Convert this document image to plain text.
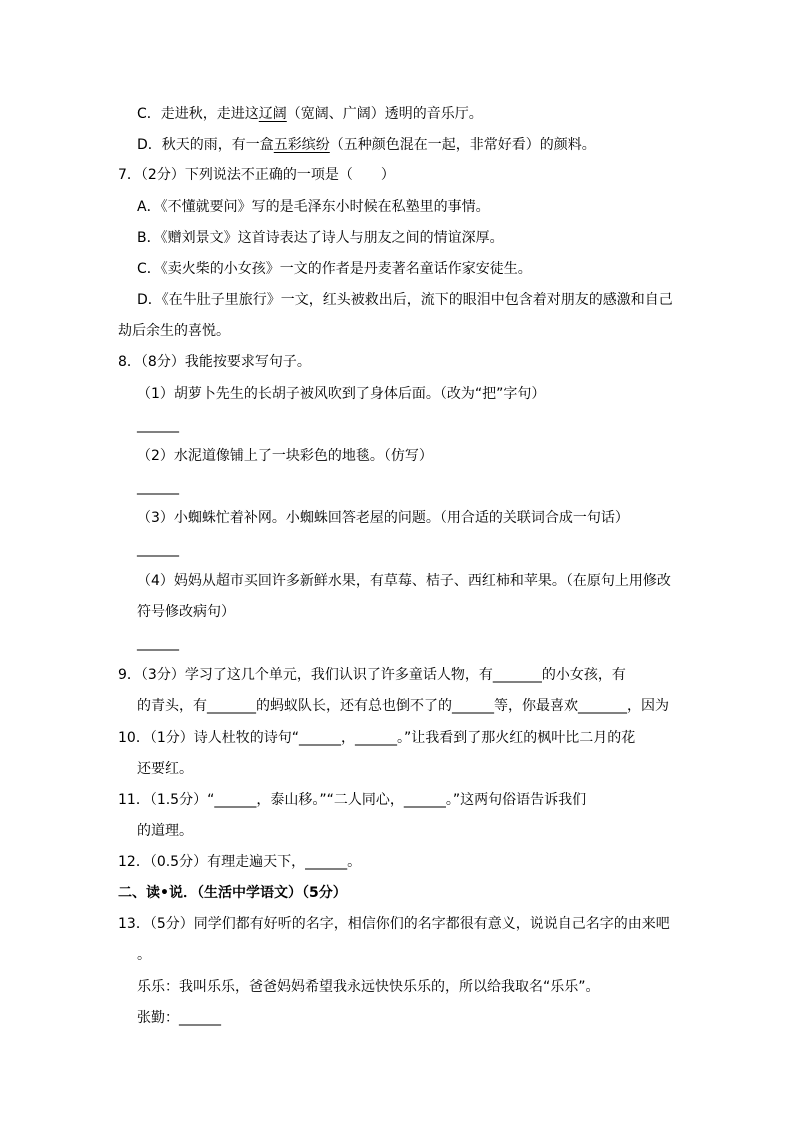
C．走进秋，走进这辽阔（宽阔、广阔）透明的音乐厅。
D．秋天的雨，有一盒五彩缤纷（五种颜色混在一起，非常好看）的颜料。
7．（2分）下列说法不正确的一项是（　　）
A．《不懂就要问》写的是毛泽东小时候在私塾里的事情。
B．《赠刘景文》这首诗表达了诗人与朋友之间的情谊深厚。
C．《卖火柴的小女孩》一文的作者是丹麦著名童话作家安徒生。
D．《在牛肚子里旅行》一文，红头被救出后，流下的眼泪中包含着对朋友的感激和自己
劫后余生的喜悦。
8．（8分）我能按要求写句子。
（1）胡萝卜先生的长胡子被风吹到了身体后面。（改为“把”字句）
______
（2）水泥道像铺上了一块彩色的地毯。（仿写）
______
（3）小蜘蛛忙着补网。小蜘蛛回答老屋的问题。（用合适的关联词合成一句话）
______
（4）妈妈从超市买回许多新鲜水果，有草莓、桔子、西红柿和苹果。（在原句上用修改
符号修改病句）
______
9．（3分）学习了这几个单元，我们认识了许多童话人物，有_______的小女孩，有
的青头，有_______的蚂蚁队长，还有总也倒不了的______等，你最喜欢_______，因为
10．（1分）诗人杜牧的诗句“______，______。”让我看到了那火红的枫叶比二月的花
还要红。
11．（1.5分）“______，泰山移。”“二人同心，______。”这两句俗语告诉我们
的道理。
12．（0.5分）有理走遍天下，______。
二、读•说．（生活中学语文）（5分）
13．（5分）同学们都有好听的名字，相信你们的名字都很有意义，说说自己名字的由来吧
。
乐乐：我叫乐乐，爸爸妈妈希望我永远快快乐乐的，所以给我取名“乐乐”。
张勤：______
